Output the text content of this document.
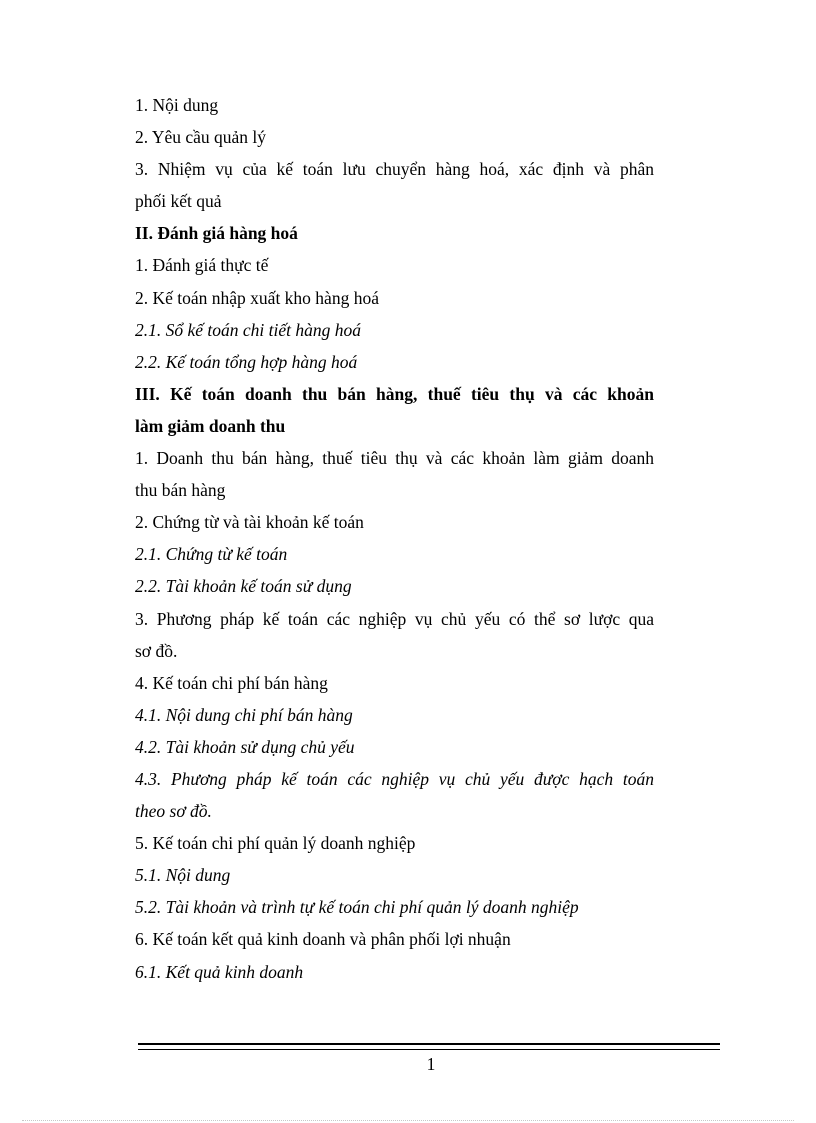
1. Nội dung
2. Yêu cầu quản lý
3. Nhiệm vụ của kế toán lưu chuyển hàng hoá, xác định và phân
phối kết quả
II. Đánh giá hàng hoá
1. Đánh giá thực tế
2. Kế toán nhập xuất kho hàng hoá
2.1. Sổ kế toán chi tiết hàng hoá
2.2. Kế toán tổng hợp hàng hoá
III. Kế toán doanh thu bán hàng, thuế tiêu thụ và các khoản
làm giảm doanh thu
1. Doanh thu bán hàng, thuế tiêu thụ và các khoản làm giảm doanh
thu bán hàng
2. Chứng từ và tài khoản kế toán
2.1. Chứng từ kế toán
2.2. Tài khoản kế toán sử dụng
3. Phương pháp kế toán các nghiệp vụ chủ yếu có thể sơ lược qua
sơ đồ.
4. Kế toán chi phí bán hàng
4.1. Nội dung chi phí bán hàng
4.2. Tài khoản sử dụng chủ yếu
4.3. Phương pháp kế toán các nghiệp vụ chủ yếu được hạch toán
theo sơ đồ.
5. Kế toán chi phí quản lý doanh nghiệp
5.1. Nội dung
5.2. Tài khoản và trình tự kế toán chi phí quản lý doanh nghiệp
6. Kế toán kết quả kinh doanh và phân phối lợi nhuận
6.1. Kết quả kinh doanh
1
